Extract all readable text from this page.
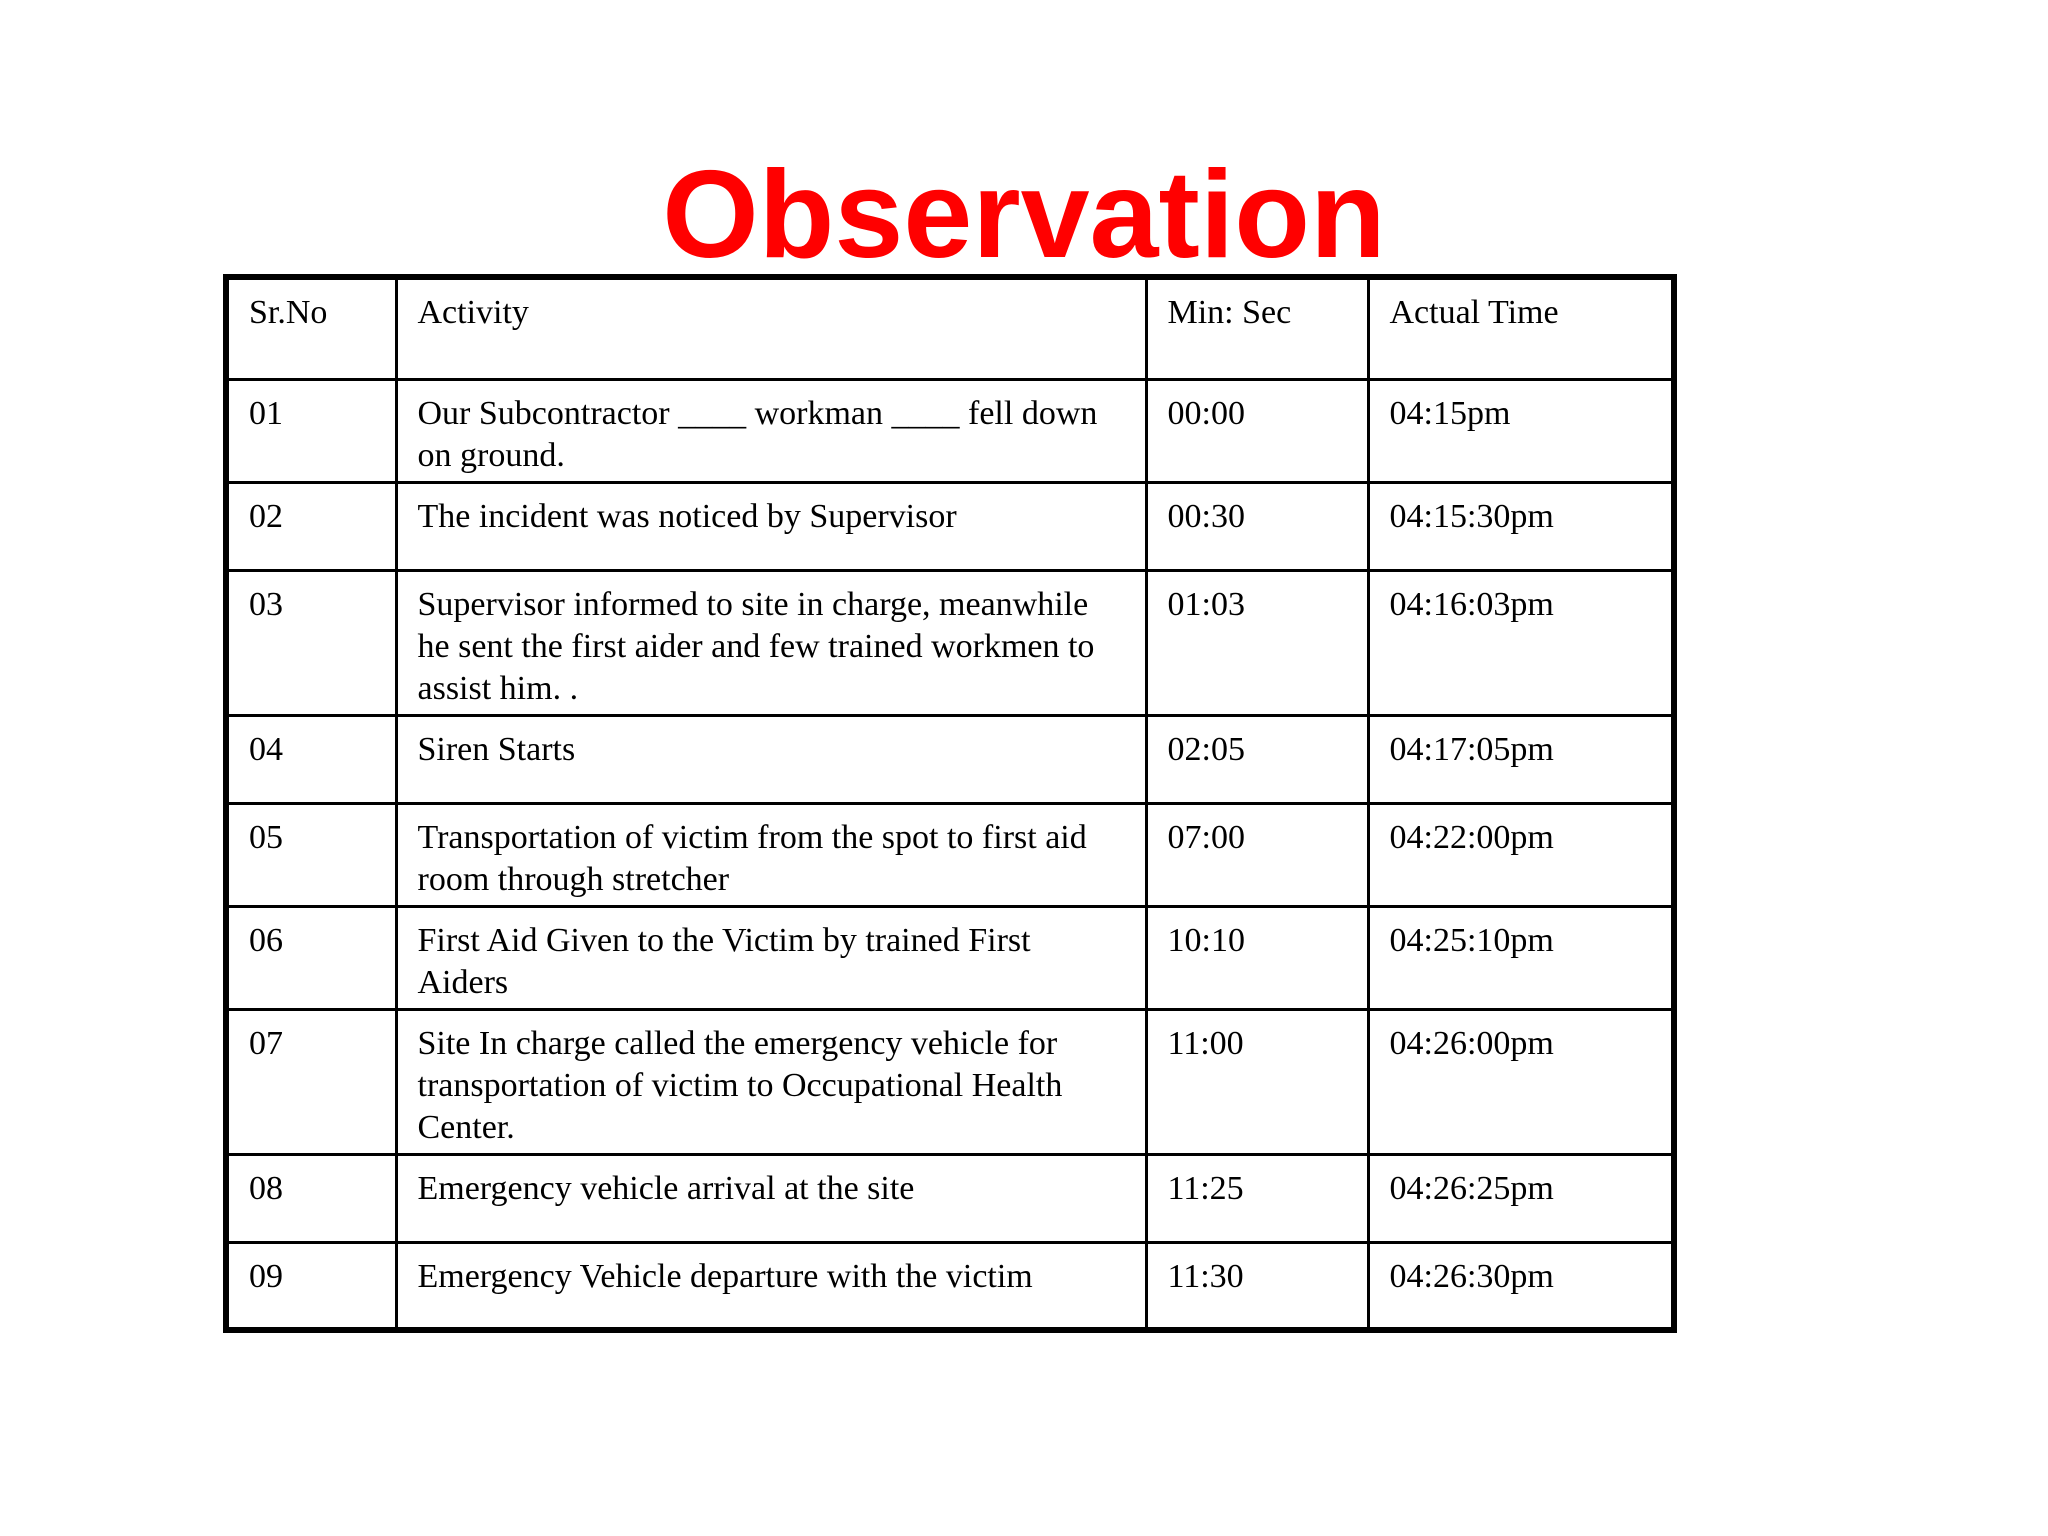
Observation
Sr.No	Activity	Min: Sec	Actual Time
01	Our Subcontractor ____ workman ____ fell down on ground.	00:00	04:15pm
02	The incident was noticed by Supervisor	00:30	04:15:30pm
03	Supervisor informed to site in charge, meanwhile he sent the first aider and few trained workmen to assist him. .	01:03	04:16:03pm
04	Siren Starts	02:05	04:17:05pm
05	Transportation of victim from the spot to first aid room through stretcher	07:00	04:22:00pm
06	First Aid Given to the Victim by trained First Aiders	10:10	04:25:10pm
07	Site In charge called the emergency vehicle for transportation of victim to Occupational Health Center.	11:00	04:26:00pm
08	Emergency vehicle arrival at the site	11:25	04:26:25pm
09	Emergency Vehicle departure with the victim	11:30	04:26:30pm
